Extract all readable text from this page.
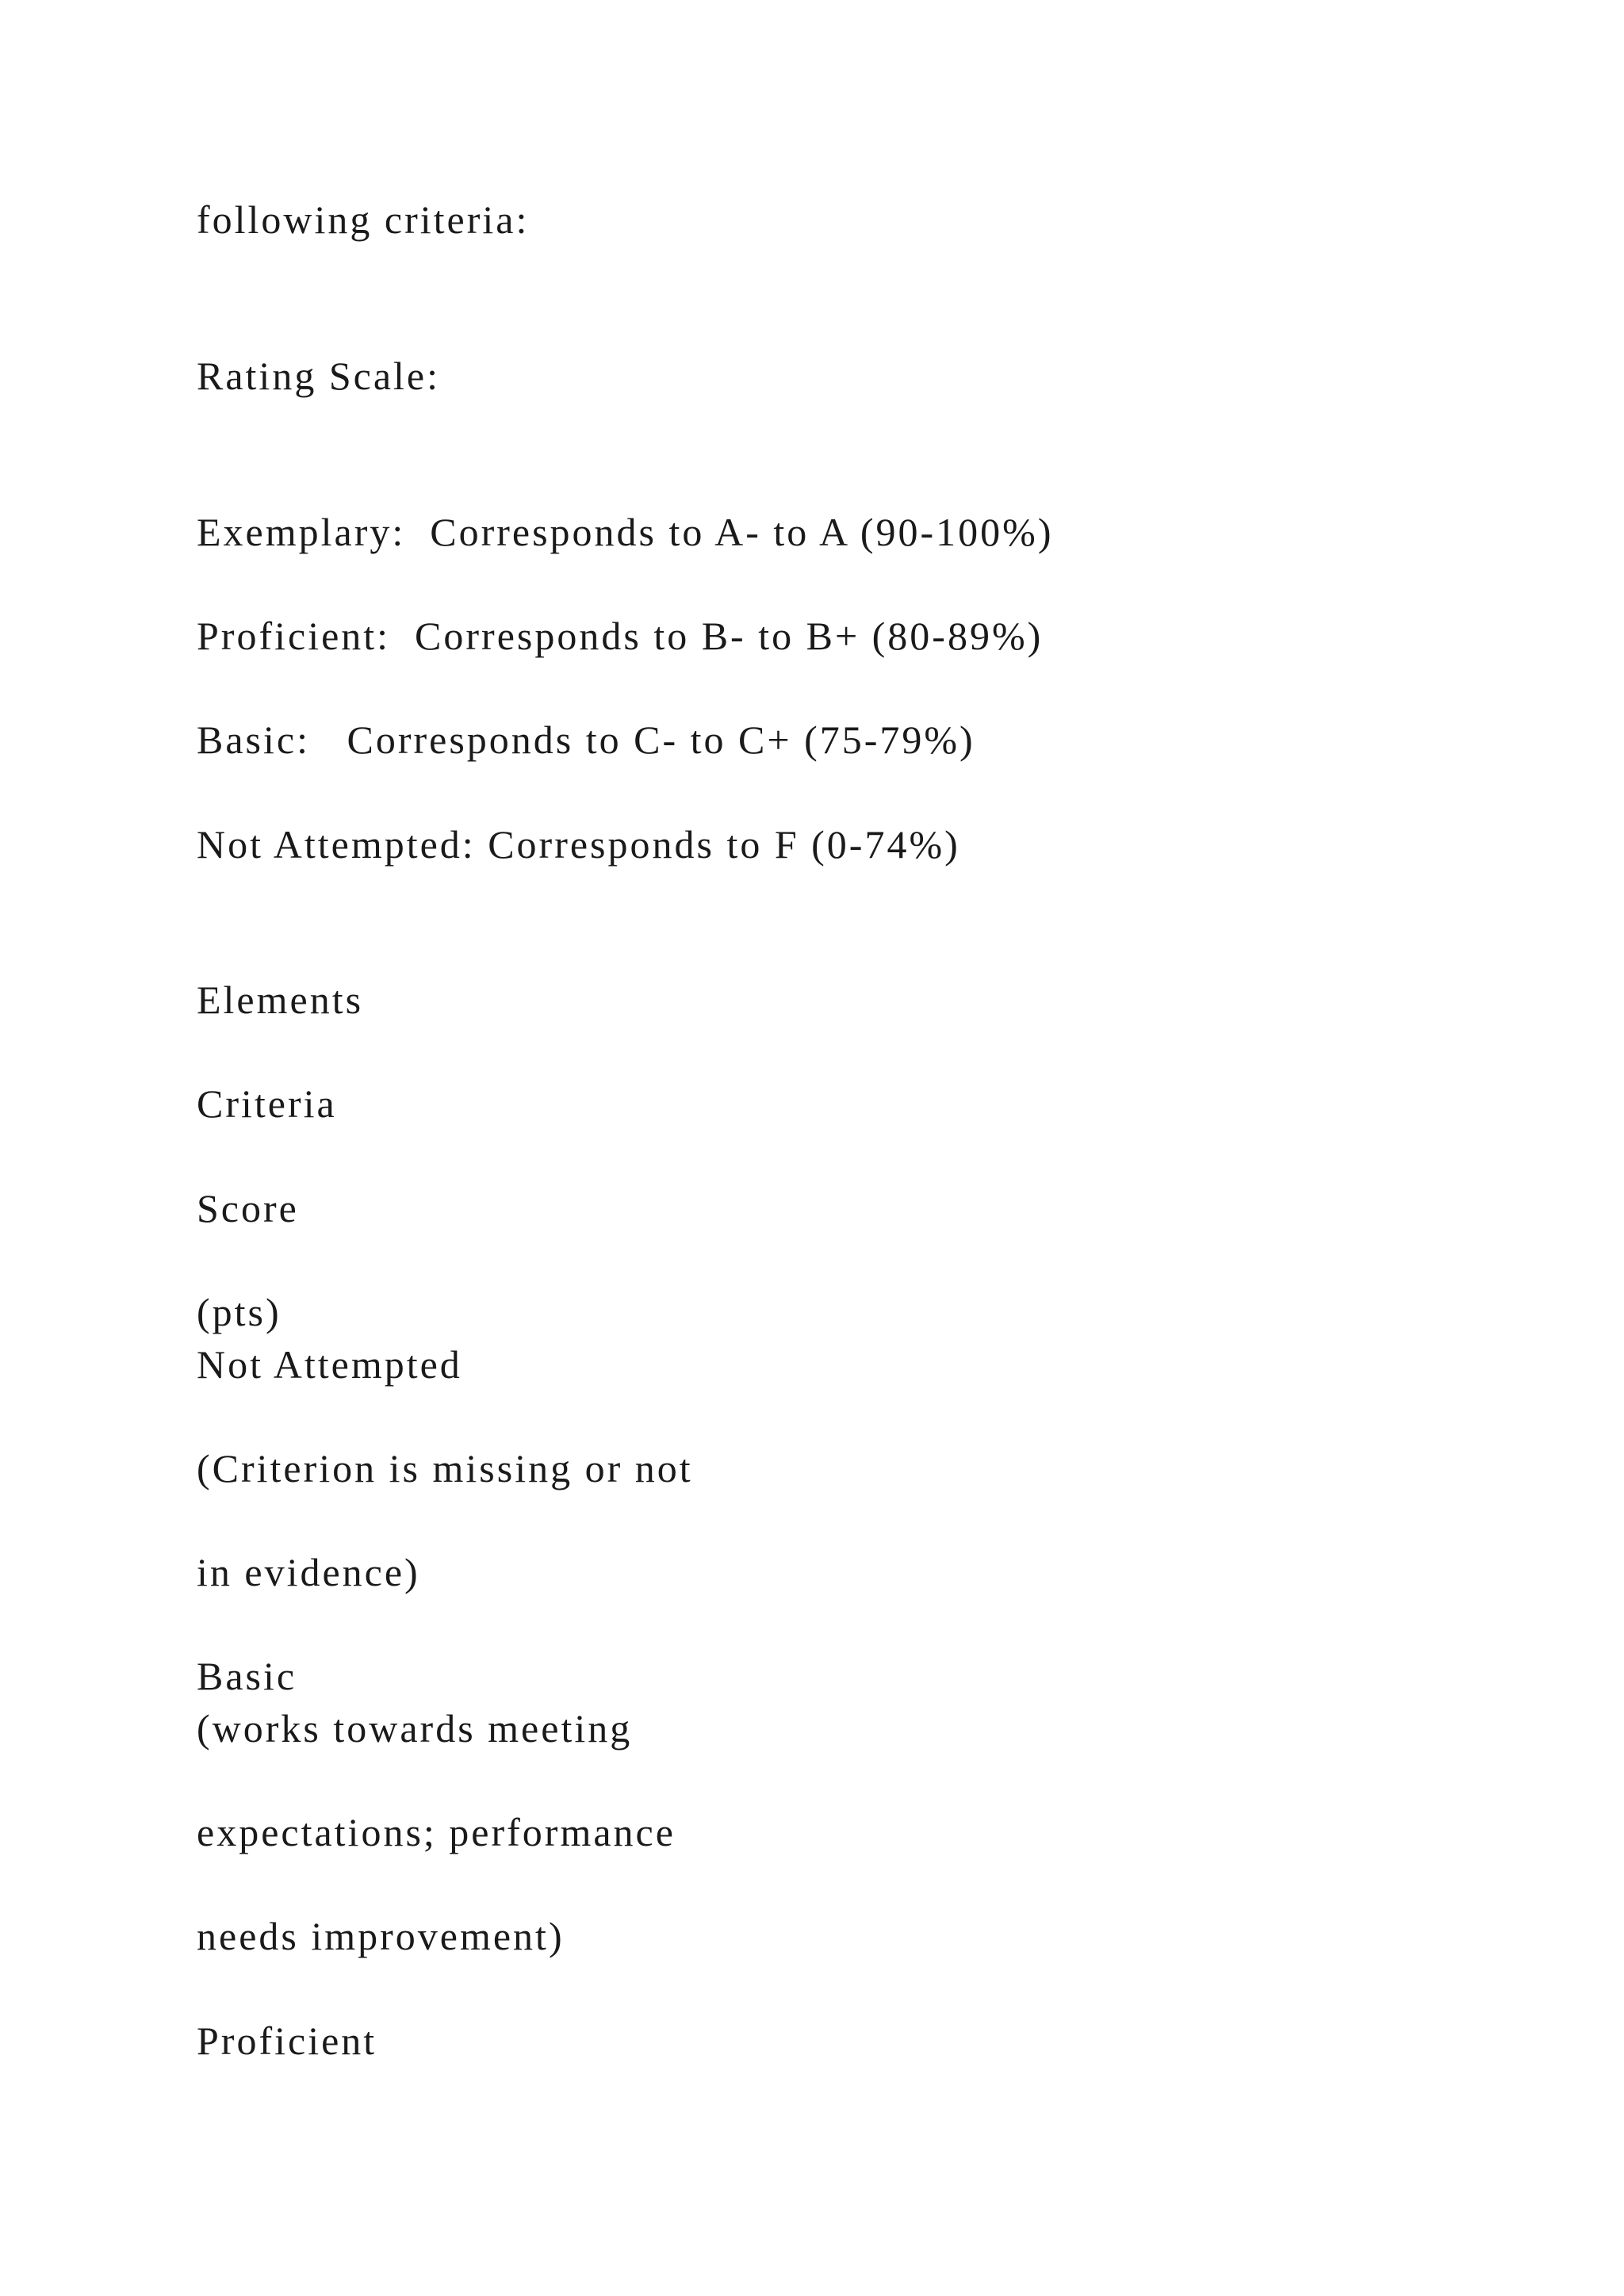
following criteria:

Rating Scale:

Exemplary:  Corresponds to A- to A (90-100%)

Proficient:  Corresponds to B- to B+ (80-89%)

Basic:   Corresponds to C- to C+ (75-79%)

Not Attempted: Corresponds to F (0-74%)

Elements

Criteria

Score

(pts)

Not Attempted

(Criterion is missing or not

in evidence)

Basic

(works towards meeting

expectations; performance

needs improvement)

Proficient
